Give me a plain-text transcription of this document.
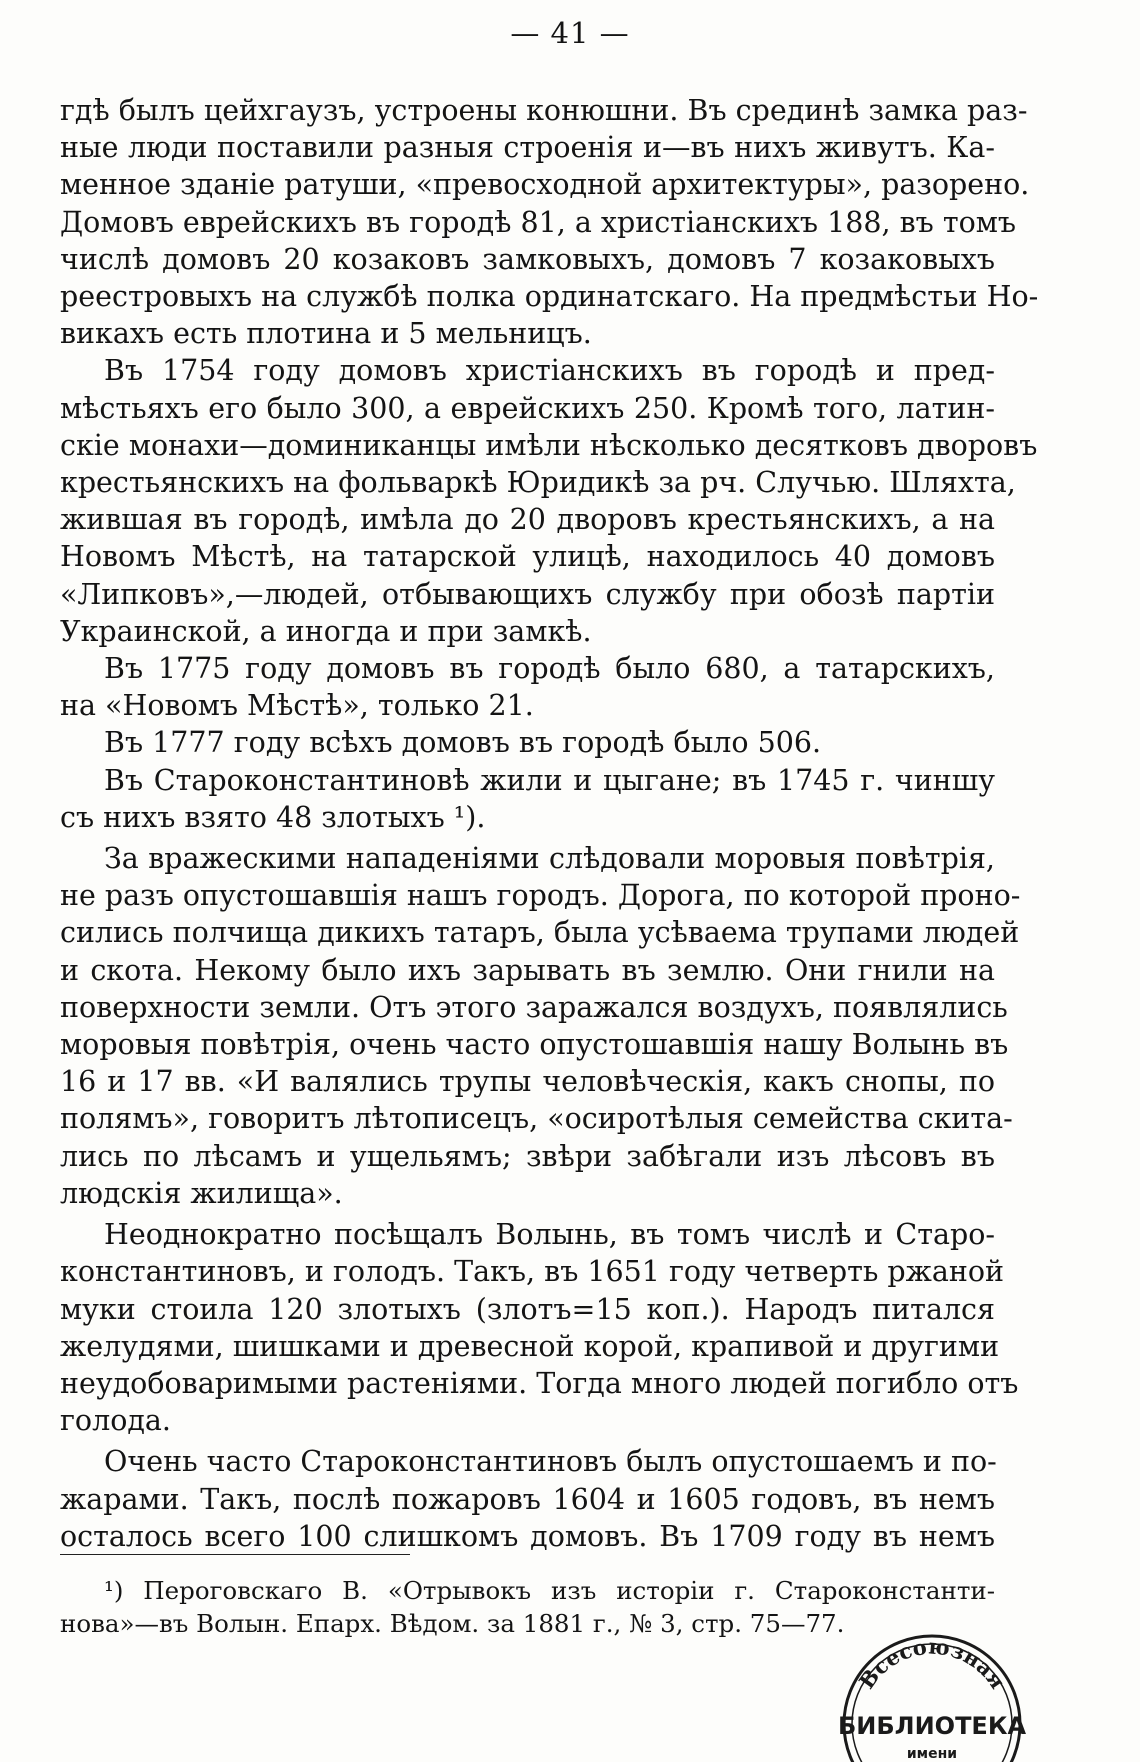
— 41 —

гдѣ былъ цейхгаузъ, устроены конюшни. Въ срединѣ замка раз-
ные люди поставили разныя строенія и—въ нихъ живутъ. Ка-
менное зданіе ратуши, «превосходной архитектуры», разорено.
Домовъ еврейскихъ въ городѣ 81, а христіанскихъ 188, въ томъ
числѣ домовъ 20 козаковъ замковыхъ, домовъ 7 козаковыхъ
реестровыхъ на службѣ полка ординатскаго. На предмѣстьи Но-
викахъ есть плотина и 5 мельницъ.

Въ 1754 году домовъ христіанскихъ въ городѣ и пред-
мѣстьяхъ его было 300, а еврейскихъ 250. Кромѣ того, латин-
скіе монахи—доминиканцы имѣли нѣсколько десятковъ дворовъ
крестьянскихъ на фольваркѣ Юридикѣ за рч. Случью. Шляхта,
жившая въ городѣ, имѣла до 20 дворовъ крестьянскихъ, а на
Новомъ Мѣстѣ, на татарской улицѣ, находилось 40 домовъ
«Липковъ»,—людей, отбывающихъ службу при обозѣ партіи
Украинской, а иногда и при замкѣ.

Въ 1775 году домовъ въ городѣ было 680, а татарскихъ,
на «Новомъ Мѣстѣ», только 21.

Въ 1777 году всѣхъ домовъ въ городѣ было 506.

Въ Староконстантиновѣ жили и цыгане; въ 1745 г. чиншу
съ нихъ взято 48 злотыхъ ¹).

За вражескими нападеніями слѣдовали моровыя повѣтрія,
не разъ опустошавшія нашъ городъ. Дорога, по которой проно-
сились полчища дикихъ татаръ, была усѣваема трупами людей
и скота. Некому было ихъ зарывать въ землю. Они гнили на
поверхности земли. Отъ этого заражался воздухъ, появлялись
моровыя повѣтрія, очень часто опустошавшія нашу Волынь въ
16 и 17 вв. «И валялись трупы человѣческія, какъ снопы, по
полямъ», говоритъ лѣтописецъ, «осиротѣлыя семейства скита-
лись по лѣсамъ и ущельямъ; звѣри забѣгали изъ лѣсовъ въ
людскія жилища».

Неоднократно посѣщалъ Волынь, въ томъ числѣ и Старо-
константиновъ, и голодъ. Такъ, въ 1651 году четверть ржаной
муки стоила 120 злотыхъ (злотъ=15 коп.). Народъ питался
желудями, шишками и древесной корой, крапивой и другими
неудобоваримыми растеніями. Тогда много людей погибло отъ
голода.

Очень часто Староконстантиновъ былъ опустошаемъ и по-
жарами. Такъ, послѣ пожаровъ 1604 и 1605 годовъ, въ немъ
осталось всего 100 слишкомъ домовъ. Въ 1709 году въ немъ

¹) Пероговскаго В. «Отрывокъ изъ исторіи г. Староконстанти-
нова»—въ Волын. Епарх. Вѣдом. за 1881 г., № 3, стр. 75—77.
Всесоюзная
БИБЛИОТЕКА
имени
